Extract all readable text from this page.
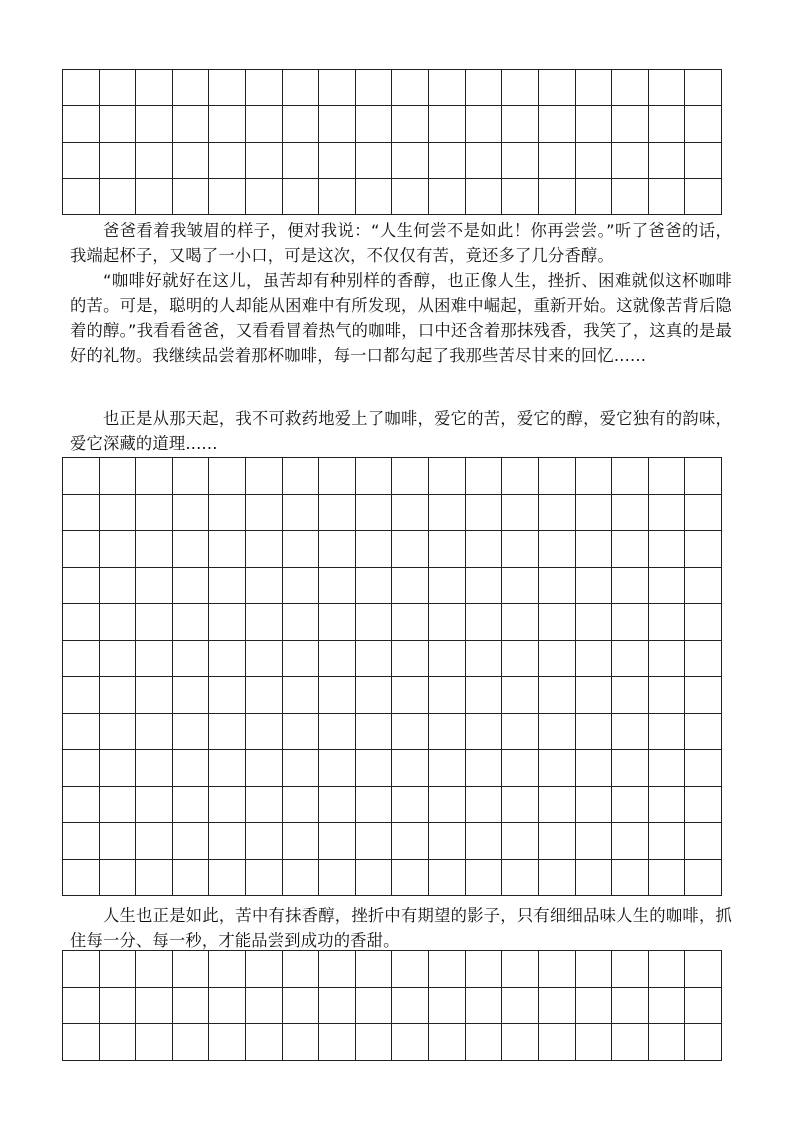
爸爸看着我皱眉的样子，便对我说：“人生何尝不是如此！你再尝尝。”听了爸爸的话，我端起杯子，又喝了一小口，可是这次，不仅仅有苦，竟还多了几分香醇。

“咖啡好就好在这儿，虽苦却有种别样的香醇，也正像人生，挫折、困难就似这杯咖啡的苦。可是，聪明的人却能从困难中有所发现，从困难中崛起，重新开始。这就像苦背后隐着的醇。”我看看爸爸，又看看冒着热气的咖啡，口中还含着那抹残香，我笑了，这真的是最好的礼物。我继续品尝着那杯咖啡，每一口都勾起了我那些苦尽甘来的回忆......

也正是从那天起，我不可救药地爱上了咖啡，爱它的苦，爱它的醇，爱它独有的韵味，爱它深藏的道理......

人生也正是如此，苦中有抹香醇，挫折中有期望的影子，只有细细品味人生的咖啡，抓住每一分、每一秒，才能品尝到成功的香甜。
